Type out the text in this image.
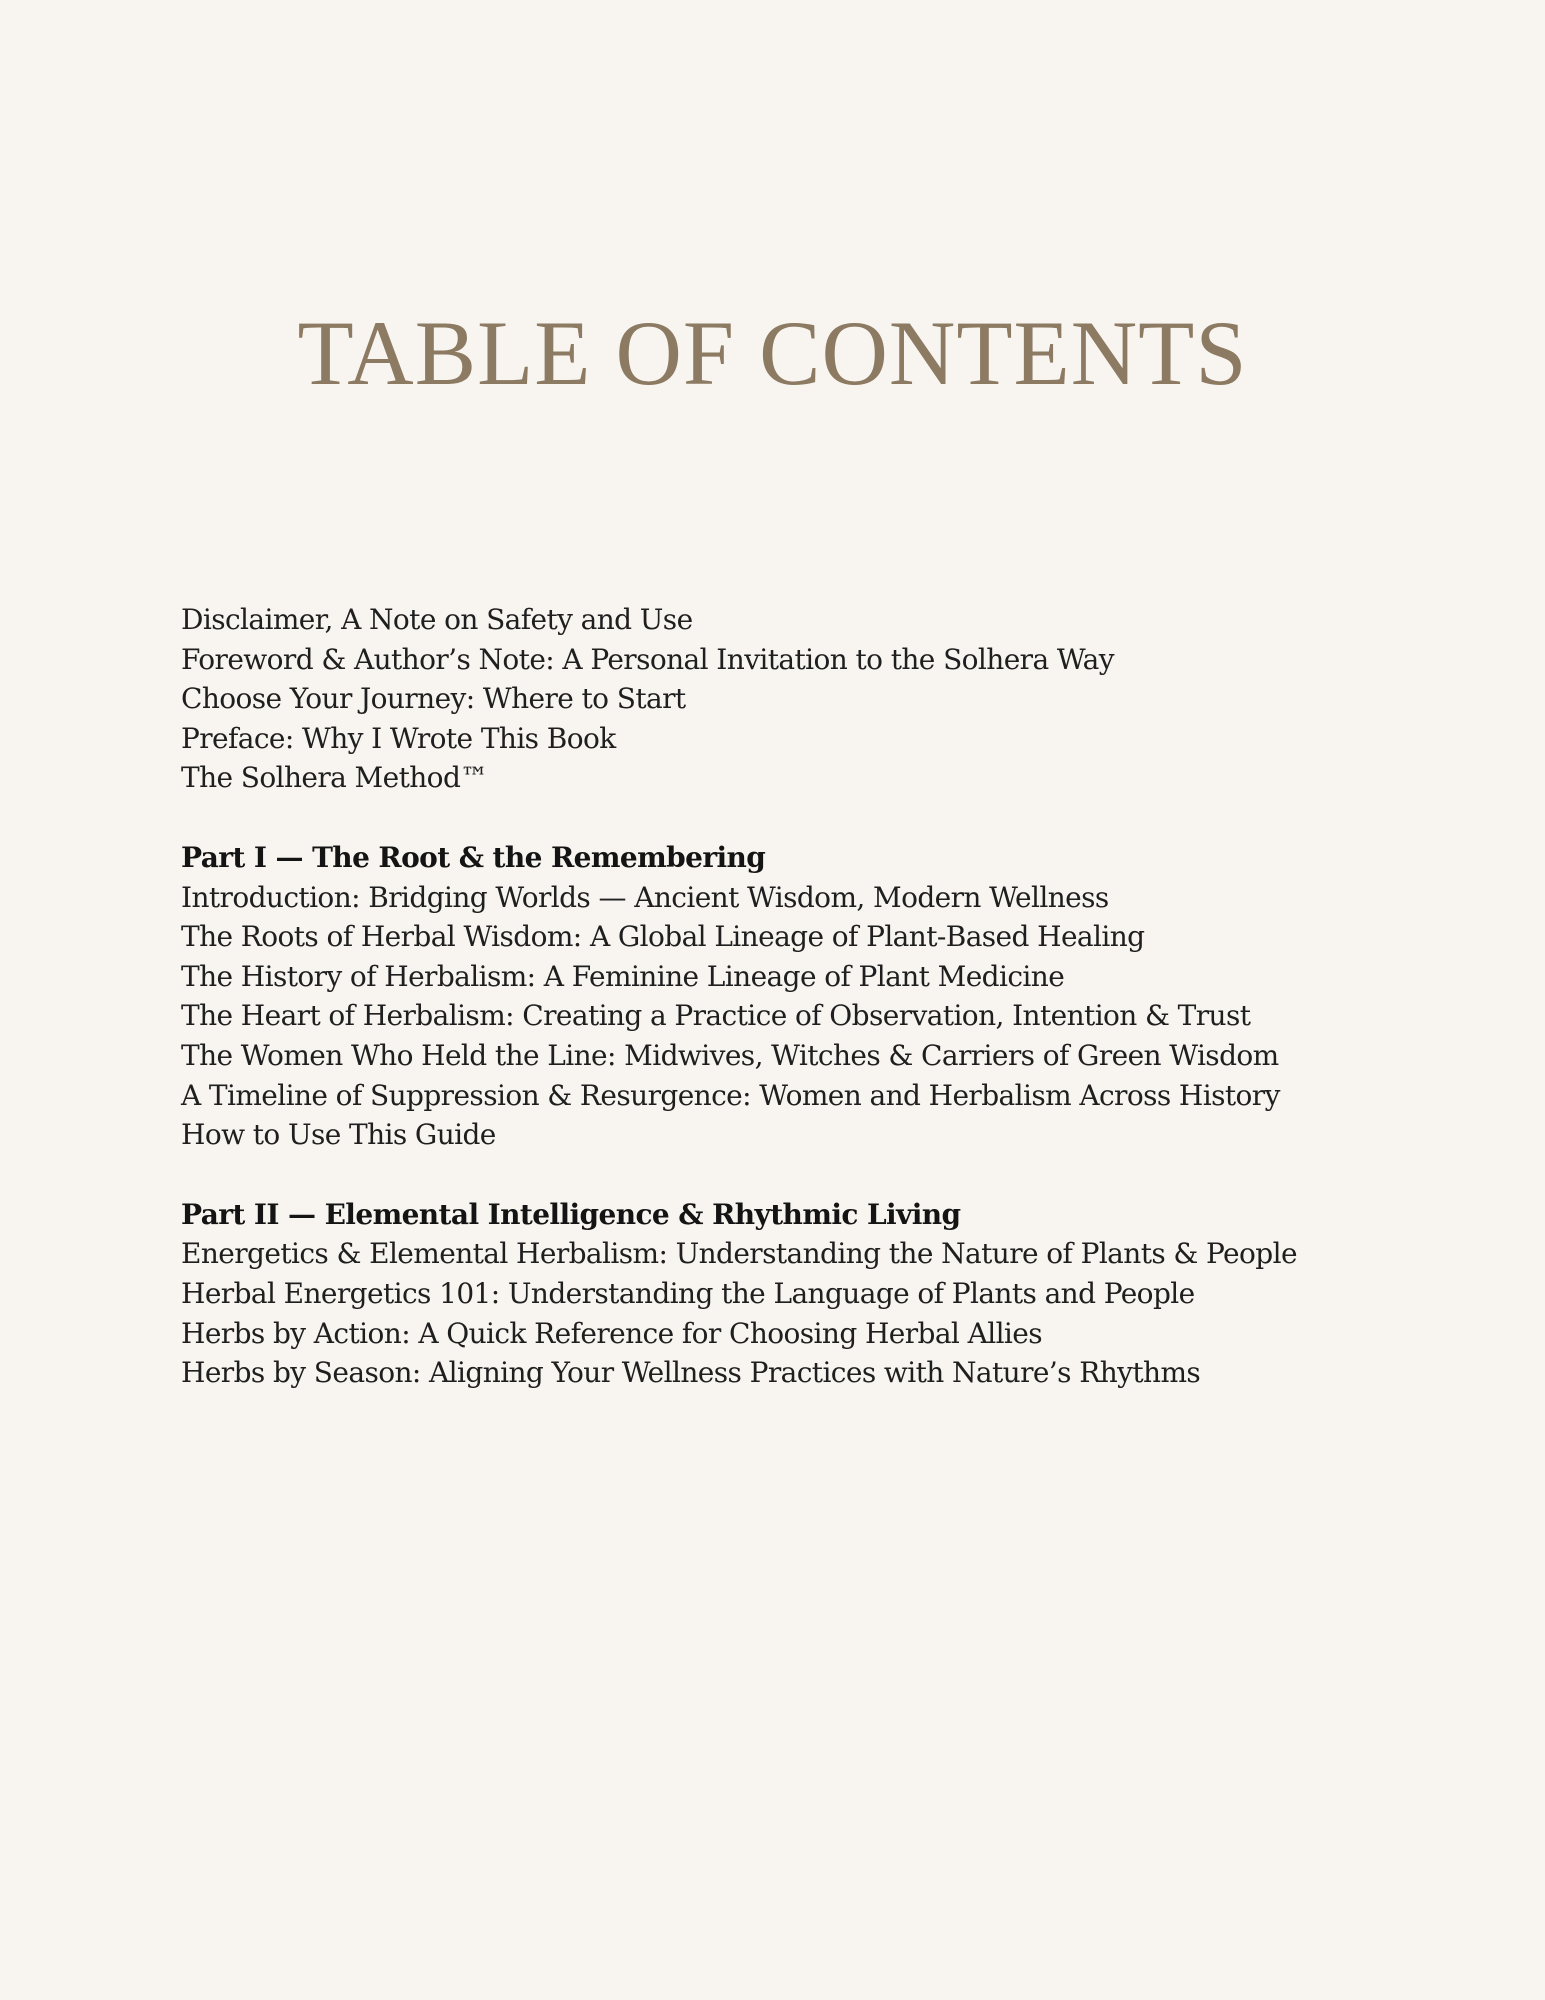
TABLE OF CONTENTS
Disclaimer, A Note on Safety and Use
Foreword & Author’s Note: A Personal Invitation to the Solhera Way
Choose Your Journey: Where to Start
Preface: Why I Wrote This Book
The Solhera Method™
Part I — The Root & the Remembering
Introduction: Bridging Worlds — Ancient Wisdom, Modern Wellness
The Roots of Herbal Wisdom: A Global Lineage of Plant-Based Healing
The History of Herbalism: A Feminine Lineage of Plant Medicine
The Heart of Herbalism: Creating a Practice of Observation, Intention & Trust
The Women Who Held the Line: Midwives, Witches & Carriers of Green Wisdom
A Timeline of Suppression & Resurgence: Women and Herbalism Across History
How to Use This Guide
Part II — Elemental Intelligence & Rhythmic Living
Energetics & Elemental Herbalism: Understanding the Nature of Plants & People
Herbal Energetics 101: Understanding the Language of Plants and People
Herbs by Action: A Quick Reference for Choosing Herbal Allies
Herbs by Season: Aligning Your Wellness Practices with Nature’s Rhythms
